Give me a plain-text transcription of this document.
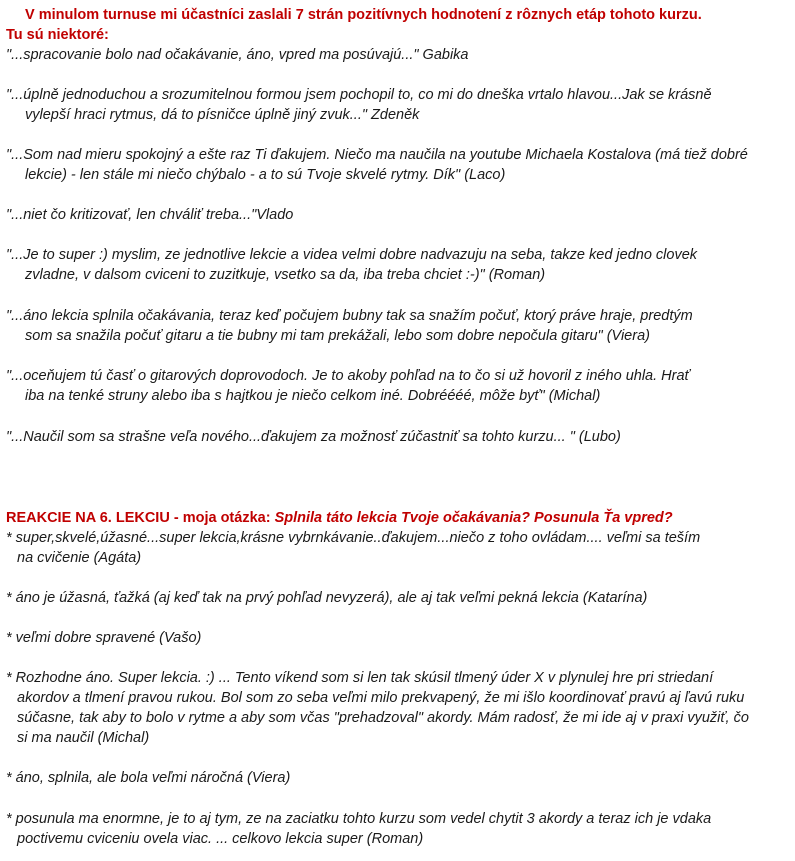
V minulom turnuse mi účastníci zaslali 7 strán pozitívnych hodnotení z rôznych etáp tohoto kurzu.
Tu sú niektoré:
"...spracovanie bolo nad očakávanie, áno, vpred ma posúvajú..." Gabika
"...úplně jednoduchou a srozumitelnou formou jsem pochopil to, co mi do dneška vrtalo hlavou...Jak se krásně
vylepší hraci rytmus, dá to písničce úplně jiný zvuk..." Zdeněk
"...Som nad mieru spokojný a ešte raz Ti ďakujem. Niečo ma naučila na youtube Michaela Kostalova (má tiež dobré
lekcie) - len stále mi niečo chýbalo - a to sú Tvoje skvelé rytmy. Dík" (Laco)
"...niet čo kritizovať, len chváliť treba..."Vlado
"...Je to super :) myslim, ze jednotlive lekcie a videa velmi dobre nadvazuju na seba, takze ked jedno clovek
zvladne, v dalsom cviceni to zuzitkuje, vsetko sa da, iba treba chciet :-)" (Roman)
"...áno lekcia splnila očakávania, teraz keď počujem bubny tak sa snažím počuť, ktorý práve hraje, predtým
som sa snažila počuť gitaru a tie bubny mi tam prekážali, lebo som dobre nepočula gitaru" (Viera)
"...oceňujem tú časť o gitarových doprovodoch. Je to akoby pohľad na to čo si už hovoril z iného uhla. Hrať
iba na tenké struny alebo iba s hajtkou je niečo celkom iné. Dobréééé, môže byť" (Michal)
"...Naučil som sa strašne veľa nového...ďakujem za možnosť zúčastniť sa tohto kurzu... " (Lubo)
REAKCIE NA 6. LEKCIU - moja otázka: Splnila táto lekcia Tvoje očakávania? Posunula Ťa vpred?
* super,skvelé,úžasné...super lekcia,krásne vybrnkávanie..ďakujem...niečo z toho ovládam.... veľmi sa teším
na cvičenie (Agáta)
* áno je úžasná, ťažká (aj keď tak na prvý pohľad nevyzerá), ale aj tak veľmi pekná lekcia (Katarína)
* veľmi dobre spravené (Vašo)
* Rozhodne áno. Super lekcia. :) ... Tento víkend som si len tak skúsil tlmený úder X v plynulej hre pri striedaní
akordov a tlmení pravou rukou. Bol som zo seba veľmi milo prekvapený, že mi išlo koordinovať pravú aj ľavú ruku
súčasne, tak aby to bolo v rytme a aby som včas "prehadzoval" akordy. Mám radosť, že mi ide aj v praxi využiť, čo
si ma naučil (Michal)
* áno, splnila, ale bola veľmi náročná (Viera)
* posunula ma enormne, je to aj tym, ze na zaciatku tohto kurzu som vedel chytit 3 akordy a teraz ich je vdaka
poctivemu cviceniu ovela viac. ... celkovo lekcia super (Roman)
